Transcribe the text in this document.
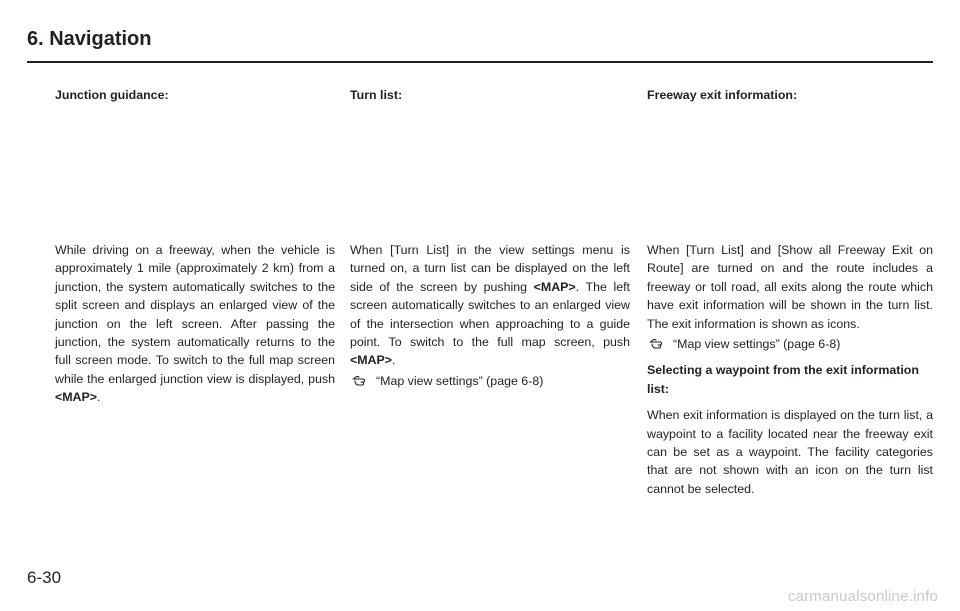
6. Navigation

Junction guidance:

While driving on a freeway, when the vehicle is approximately 1 mile (approximately 2 km) from a junction, the system automatically switches to the split screen and displays an enlarged view of the junction on the left screen. After passing the junction, the system automatically returns to the full screen mode. To switch to the full map screen while the enlarged junction view is displayed, push <MAP>.

Turn list:

When [Turn List] in the view settings menu is turned on, a turn list can be displayed on the left side of the screen by pushing <MAP>. The left screen automatically switches to an enlarged view of the intersection when approaching to a guide point. To switch to the full map screen, push <MAP>.

“Map view settings” (page 6-8)

Freeway exit information:

When [Turn List] and [Show all Freeway Exit on Route] are turned on and the route includes a freeway or toll road, all exits along the route which have exit information will be shown in the turn list. The exit information is shown as icons.

“Map view settings” (page 6-8)

Selecting a waypoint from the exit information list:

When exit information is displayed on the turn list, a waypoint to a facility located near the freeway exit can be set as a waypoint. The facility categories that are not shown with an icon on the turn list cannot be selected.

6-30

carmanualsonline.info
